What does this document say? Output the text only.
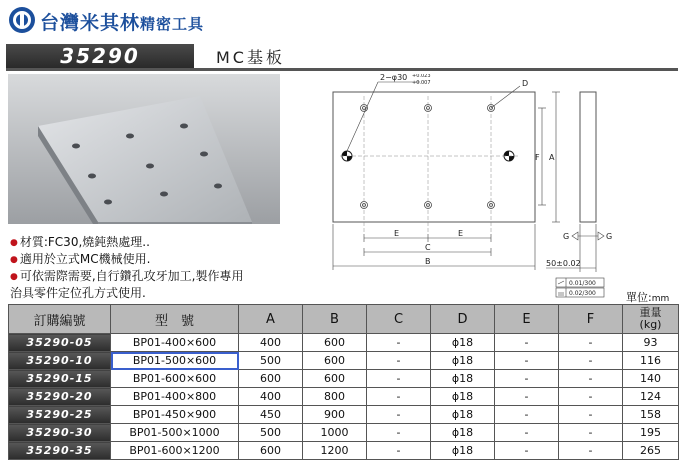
台灣米其林精密工具
35290	MC基板
2−φ30 +0.023
+0.007	D
F A
E	E
C
B
G	G
50±0.02
0.01/300
0.02/300
● 材質:FC30,燒鈍熱處理..
● 適用於立式MC機械使用.
● 可依需際需要,自行鑽孔攻牙加工,製作專用
治具零件定位孔方式使用.	單位:mm
訂購編號	型　號	A	B	C	D	E	F	重量
(kg)
35290-05	BP01-400×600	400	600	-	ϕ18	-	-	93
35290-10	BP01-500×600	500	600	-	ϕ18	-	-	116
35290-15	BP01-600×600	600	600	-	ϕ18	-	-	140
35290-20	BP01-400×800	400	800	-	ϕ18	-	-	124
35290-25	BP01-450×900	450	900	-	ϕ18	-	-	158
35290-30	BP01-500×1000	500	1000	-	ϕ18	-	-	195
35290-35	BP01-600×1200	600	1200	-	ϕ18	-	-	265
